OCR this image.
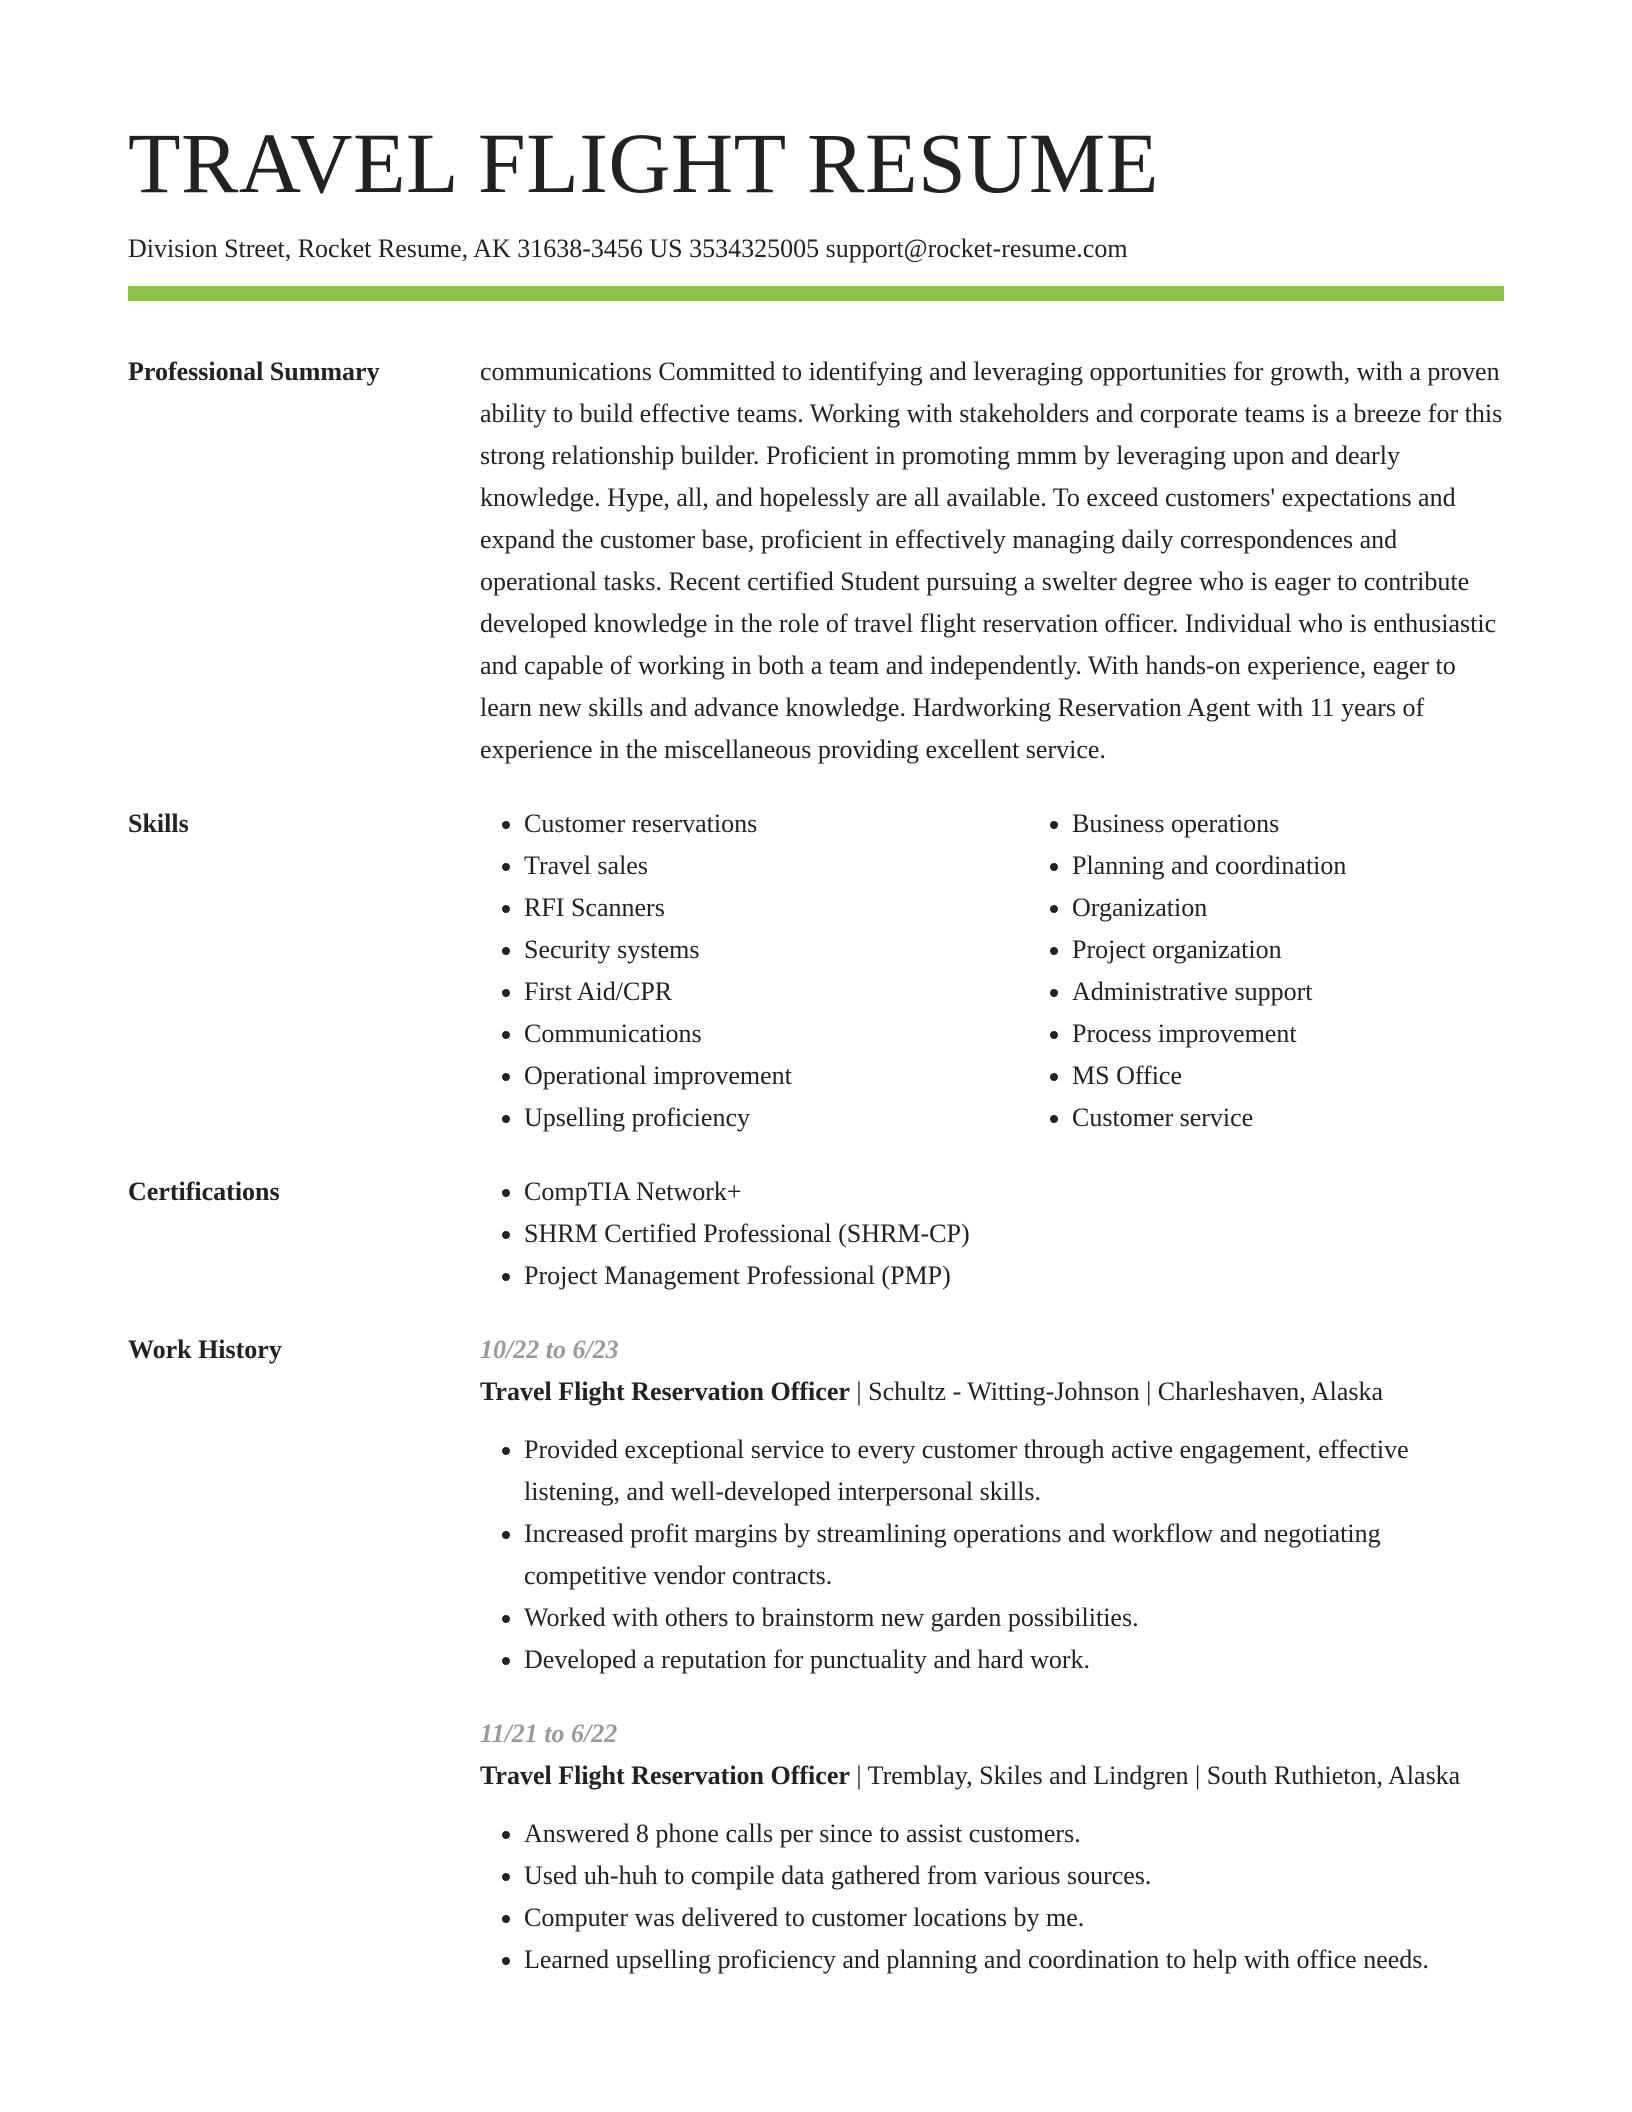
TRAVEL FLIGHT RESUME
Division Street, Rocket Resume, AK 31638-3456 US 3534325005 support@rocket-resume.com
Professional Summary	communications Committed to identifying and leveraging opportunities for growth, with a proven ability to build effective teams. Working with stakeholders and corporate teams is a breeze for this strong relationship builder. Proficient in promoting mmm by leveraging upon and dearly knowledge. Hype, all, and hopelessly are all available. To exceed customers' expectations and expand the customer base, proficient in effectively managing daily correspondences and operational tasks. Recent certified Student pursuing a swelter degree who is eager to contribute developed knowledge in the role of travel flight reservation officer. Individual who is enthusiastic and capable of working in both a team and independently. With hands-on experience, eager to learn new skills and advance knowledge. Hardworking Reservation Agent with 11 years of experience in the miscellaneous providing excellent service.

Skills	• Customer reservations
• Travel sales
• RFI Scanners
• Security systems
• First Aid/CPR
• Communications
• Operational improvement
• Upselling proficiency
• Business operations
• Planning and coordination
• Organization
• Project organization
• Administrative support
• Process improvement
• MS Office
• Customer service
Certifications	• CompTIA Network+
• SHRM Certified Professional (SHRM-CP)
• Project Management Professional (PMP)
Work History	10/22 to 6/23

Travel Flight Reservation Officer | Schultz - Witting-Johnson | Charleshaven, Alaska

• Provided exceptional service to every customer through active engagement, effective listening, and well-developed interpersonal skills.
• Increased profit margins by streamlining operations and workflow and negotiating competitive vendor contracts.
• Worked with others to brainstorm new garden possibilities.
• Developed a reputation for punctuality and hard work.
11/21 to 6/22

Travel Flight Reservation Officer | Tremblay, Skiles and Lindgren | South Ruthieton, Alaska

• Answered 8 phone calls per since to assist customers.
• Used uh-huh to compile data gathered from various sources.
• Computer was delivered to customer locations by me.
• Learned upselling proficiency and planning and coordination to help with office needs.
